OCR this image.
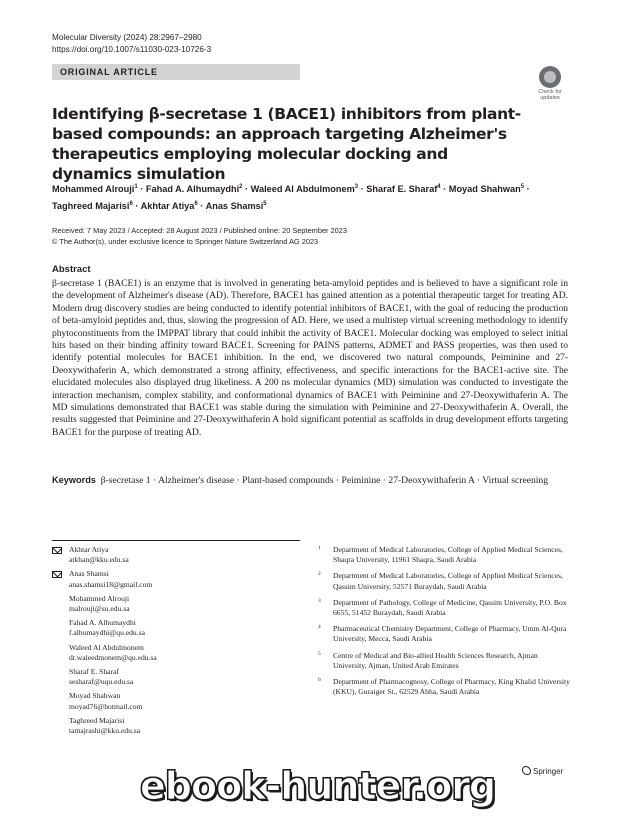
Molecular Diversity (2024) 28:2967–2980
https://doi.org/10.1007/s11030-023-10726-3
ORIGINAL ARTICLE
Check for
updates
Identifying β-secretase 1 (BACE1) inhibitors from plant-based compounds: an approach targeting Alzheimer's therapeutics employing molecular docking and dynamics simulation
Mohammed Alrouji$^1$ · Fahad A. Alhumaydhi$^2$ · Waleed Al Abdulmonem$^3$ · Sharaf E. Sharaf$^4$ · Moyad Shahwan$^5$ ·
Taghreed Majarisi$^6$ · Akhtar Atiya$^6$ · Anas Shamsi$^5$
Received: 7 May 2023 / Accepted: 28 August 2023 / Published online: 20 September 2023
© The Author(s), under exclusive licence to Springer Nature Switzerland AG 2023
Abstract

β-secretase 1 (BACE1) is an enzyme that is involved in generating beta-amyloid peptides and is believed to have a significant role in the development of Alzheimer's disease (AD). Therefore, BACE1 has gained attention as a potential therapeutic target for treating AD. Modern drug discovery studies are being conducted to identify potential inhibitors of BACE1, with the goal of reducing the production of beta-amyloid peptides and, thus, slowing the progression of AD. Here, we used a multistep virtual screening methodology to identify phytoconstituents from the IMPPAT library that could inhibit the activity of BACE1. Molecular docking was employed to select initial hits based on their binding affinity toward BACE1. Screening for PAINS patterns, ADMET and PASS properties, was then used to identify potential molecules for BACE1 inhibition. In the end, we discovered two natural compounds, Peiminine and 27-Deoxywithaferin A, which demonstrated a strong affinity, effectiveness, and specific interactions for the BACE1-active site. The elucidated molecules also displayed drug likeliness. A 200 ns molecular dynamics (MD) simulation was conducted to investigate the interaction mechanism, complex stability, and conformational dynamics of BACE1 with Peiminine and 27-Deoxywithaferin A. The MD simulations demonstrated that BACE1 was stable during the simulation with Peiminine and 27-Deoxywithaferin A. Overall, the results suggested that Peiminine and 27-Deoxywithaferin A hold significant potential as scaffolds in drug development efforts targeting BACE1 for the purpose of treating AD.

Keywords β-secretase 1 · Alzheimer's disease · Plant-based compounds · Peiminine · 27-Deoxywithaferin A · Virtual screening
Akhtar Atiya
atkhan@kku.edu.sa
Anas Shamsi
anas.shamsi18@gmail.com
Mohammed Alrouji
malrouji@su.edu.sa
Fahad A. Alhumaydhi
f.alhumaydhi@qu.edu.sa
Waleed Al Abdulmonem
dr.waleedmonem@qu.edu.sa
Sharaf E. Sharaf
sesharaf@uqu.edu.sa
Moyad Shahwan
moyad76@hotmail.com
Taghreed Majarisi
tamajrashi@kku.edu.sa
1 Department of Medical Laboratories, College of Applied Medical Sciences, Shaqra University, 11961 Shaqra, Saudi Arabia
2 Department of Medical Laboratories, College of Applied Medical Sciences, Qassim University, 52571 Buraydah, Saudi Arabia
3 Department of Pathology, College of Medicine, Qassim University, P.O. Box 6655, 51452 Buraydah, Saudi Arabia
4 Pharmaceutical Chemistry Department, College of Pharmacy, Umm Al-Qura University, Mecca, Saudi Arabia
5 Centre of Medical and Bio-allied Health Sciences Research, Ajman University, Ajman, United Arab Emirates
6 Department of Pharmacognosy, College of Pharmacy, King Khalid University (KKU), Guraiger St., 62529 Abha, Saudi Arabia
Springer
ebook-hunter.org
